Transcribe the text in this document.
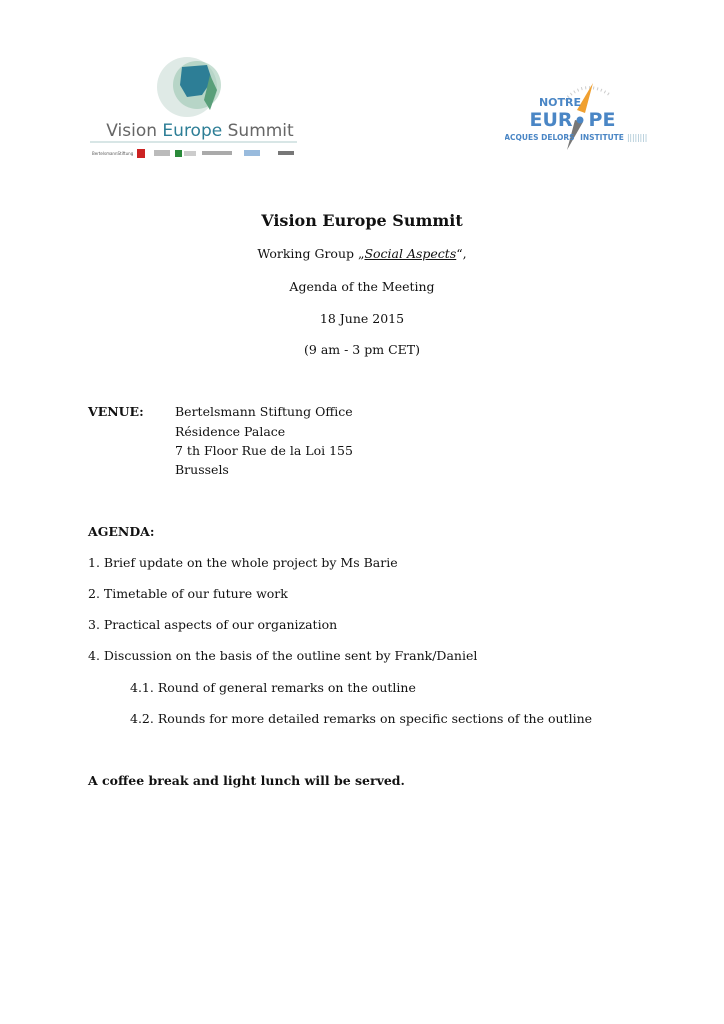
Vision Europe Summit
BertelsmannStiftung
NOTRE
EUR PE
JACQUES DELORS INSTITUTE ||||||||
Vision Europe Summit
Working Group „Social Aspects“,
Agenda of the Meeting
18 June 2015
(9 am - 3 pm CET)
VENUE:	Bertelsmann Stiftung Office
Résidence Palace
7 th Floor Rue de la Loi 155
Brussels
AGENDA:
1. Brief update on the whole project by Ms Barie
2. Timetable of our future work
3. Practical aspects of our organization
4. Discussion on the basis of the outline sent by Frank/Daniel
4.1. Round of general remarks on the outline
4.2. Rounds for more detailed remarks on specific sections of the outline
A coffee break and light lunch will be served.
